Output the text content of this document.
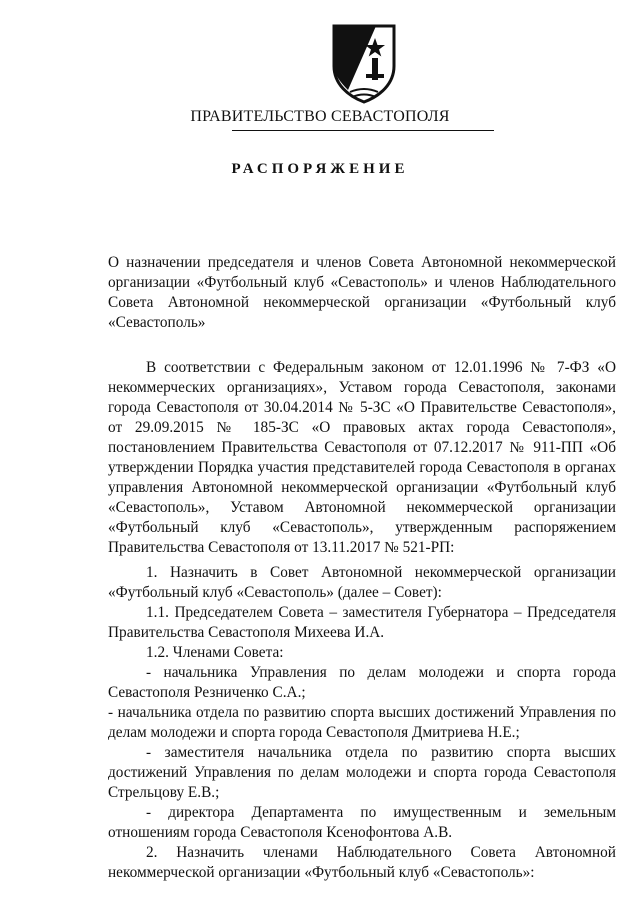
ПРАВИТЕЛЬСТВО СЕВАСТОПОЛЯ
РАСПОРЯЖЕНИЕ

О назначении председателя и членов Совета Автономной некоммерческой организации «Футбольный клуб «Севастополь» и членов Наблюдательного Совета Автономной некоммерческой организации «Футбольный клуб «Севастополь»

В соответствии с Федеральным законом от 12.01.1996 № 7-ФЗ «О некоммерческих организациях», Уставом города Севастополя, законами города Севастополя от 30.04.2014 № 5-ЗС «О Правительстве Севастополя», от 29.09.2015 № 185-ЗС «О правовых актах города Севастополя», постановлением Правительства Севастополя от 07.12.2017 № 911-ПП «Об утверждении Порядка участия представителей города Севастополя в органах управления Автономной некоммерческой организации «Футбольный клуб «Севастополь», Уставом Автономной некоммерческой организации «Футбольный клуб «Севастополь», утвержденным распоряжением Правительства Севастополя от 13.11.2017 № 521-РП:

1. Назначить в Совет Автономной некоммерческой организации «Футбольный клуб «Севастополь» (далее – Совет):

1.1. Председателем Совета – заместителя Губернатора – Председателя Правительства Севастополя Михеева И.А.

1.2. Членами Совета:

- начальника Управления по делам молодежи и спорта города Севастополя Резниченко С.А.;

- начальника отдела по развитию спорта высших достижений Управления по делам молодежи и спорта города Севастополя Дмитриева Н.Е.;

- заместителя начальника отдела по развитию спорта высших достижений Управления по делам молодежи и спорта города Севастополя Стрельцову Е.В.;

- директора Департамента по имущественным и земельным отношениям города Севастополя Ксенофонтова А.В.

2. Назначить членами Наблюдательного Совета Автономной некоммерческой организации «Футбольный клуб «Севастополь»:
